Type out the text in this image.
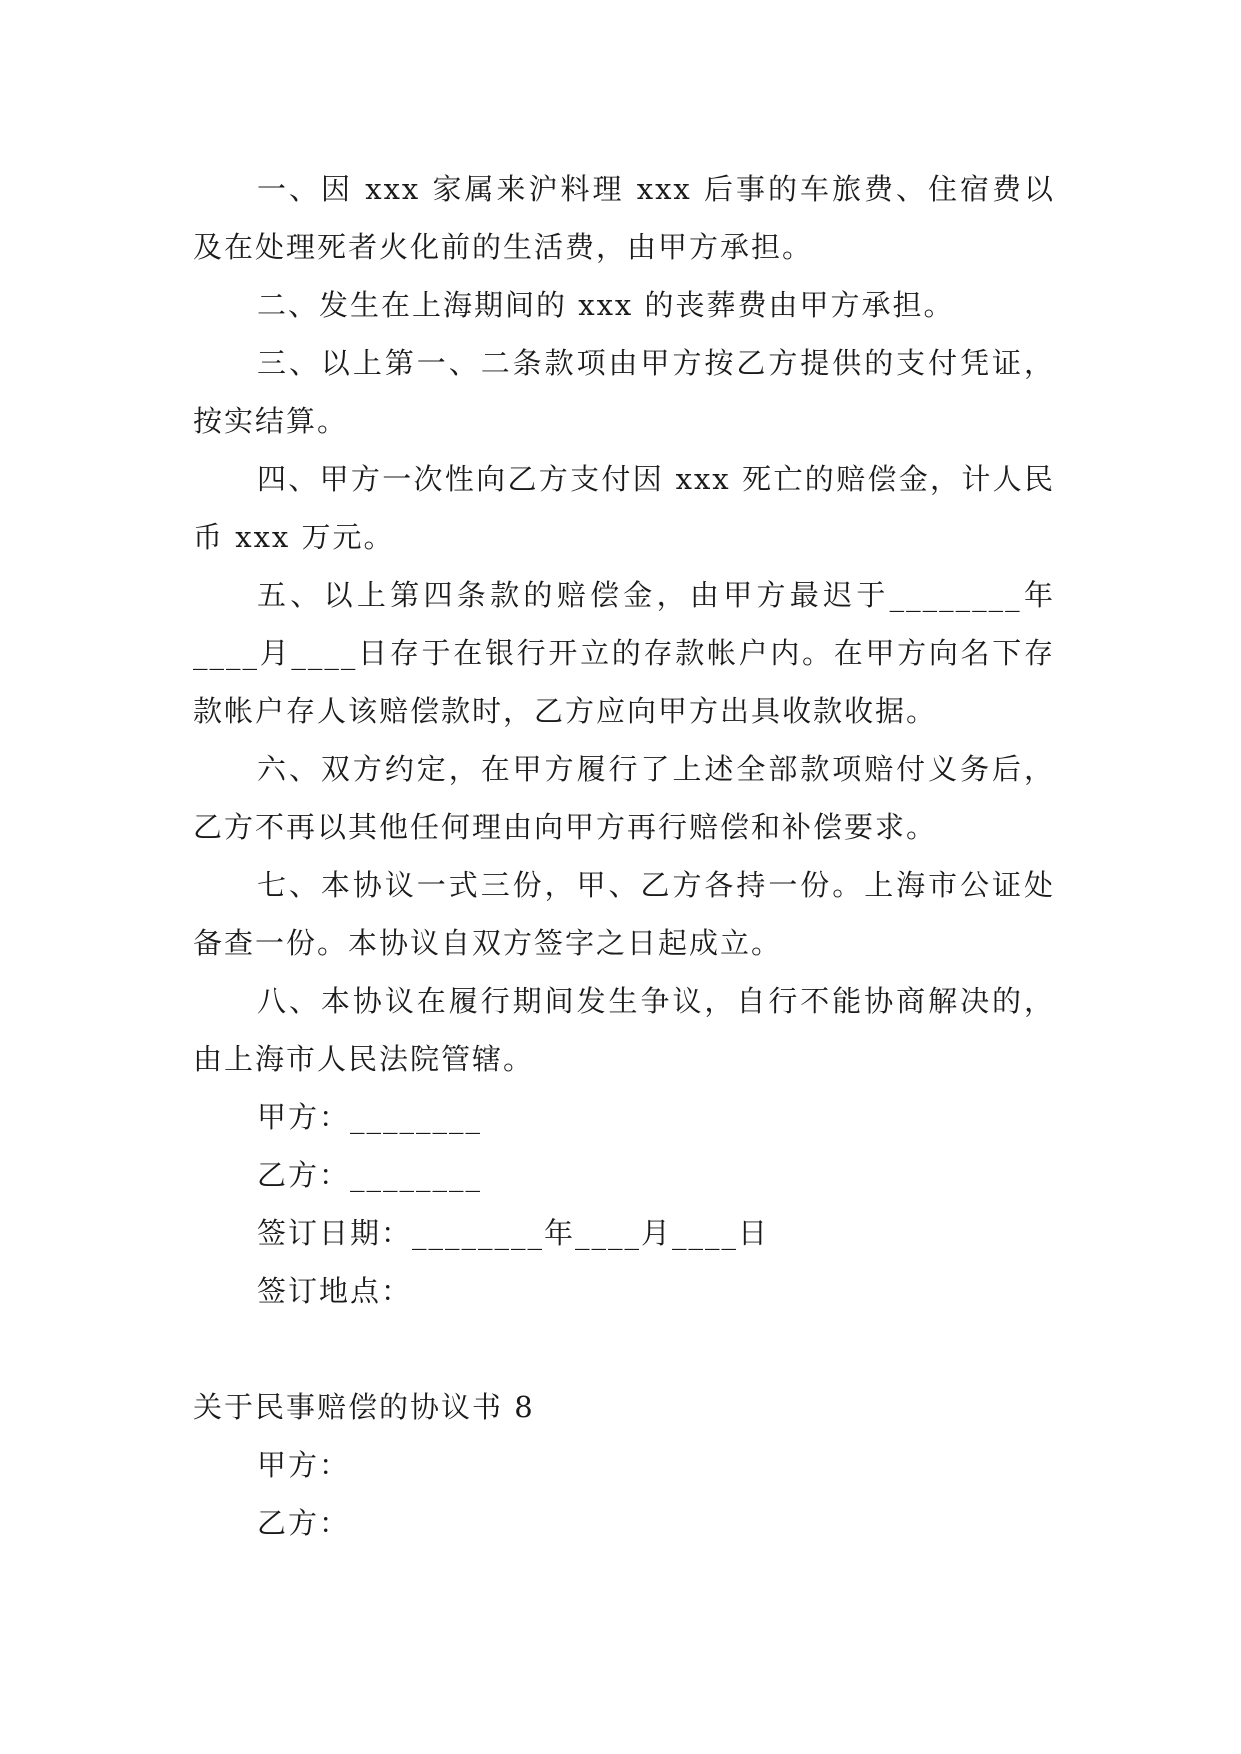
一、因 xxx 家属来沪料理 xxx 后事的车旅费、住宿费以及在处理死者火化前的生活费，由甲方承担。

二、发生在上海期间的 xxx 的丧葬费由甲方承担。

三、以上第一、二条款项由甲方按乙方提供的支付凭证，按实结算。

四、甲方一次性向乙方支付因 xxx 死亡的赔偿金，计人民币 xxx 万元。

五、以上第四条款的赔偿金，由甲方最迟于________年____月____日存于在银行开立的存款帐户内。在甲方向名下存款帐户存人该赔偿款时，乙方应向甲方出具收款收据。

六、双方约定，在甲方履行了上述全部款项赔付义务后，乙方不再以其他任何理由向甲方再行赔偿和补偿要求。

七、本协议一式三份，甲、乙方各持一份。上海市公证处备查一份。本协议自双方签字之日起成立。

八、本协议在履行期间发生争议，自行不能协商解决的，由上海市人民法院管辖。

甲方：________

乙方：________

签订日期：________年____月____日

签订地点：

关于民事赔偿的协议书 8

甲方：

乙方：
